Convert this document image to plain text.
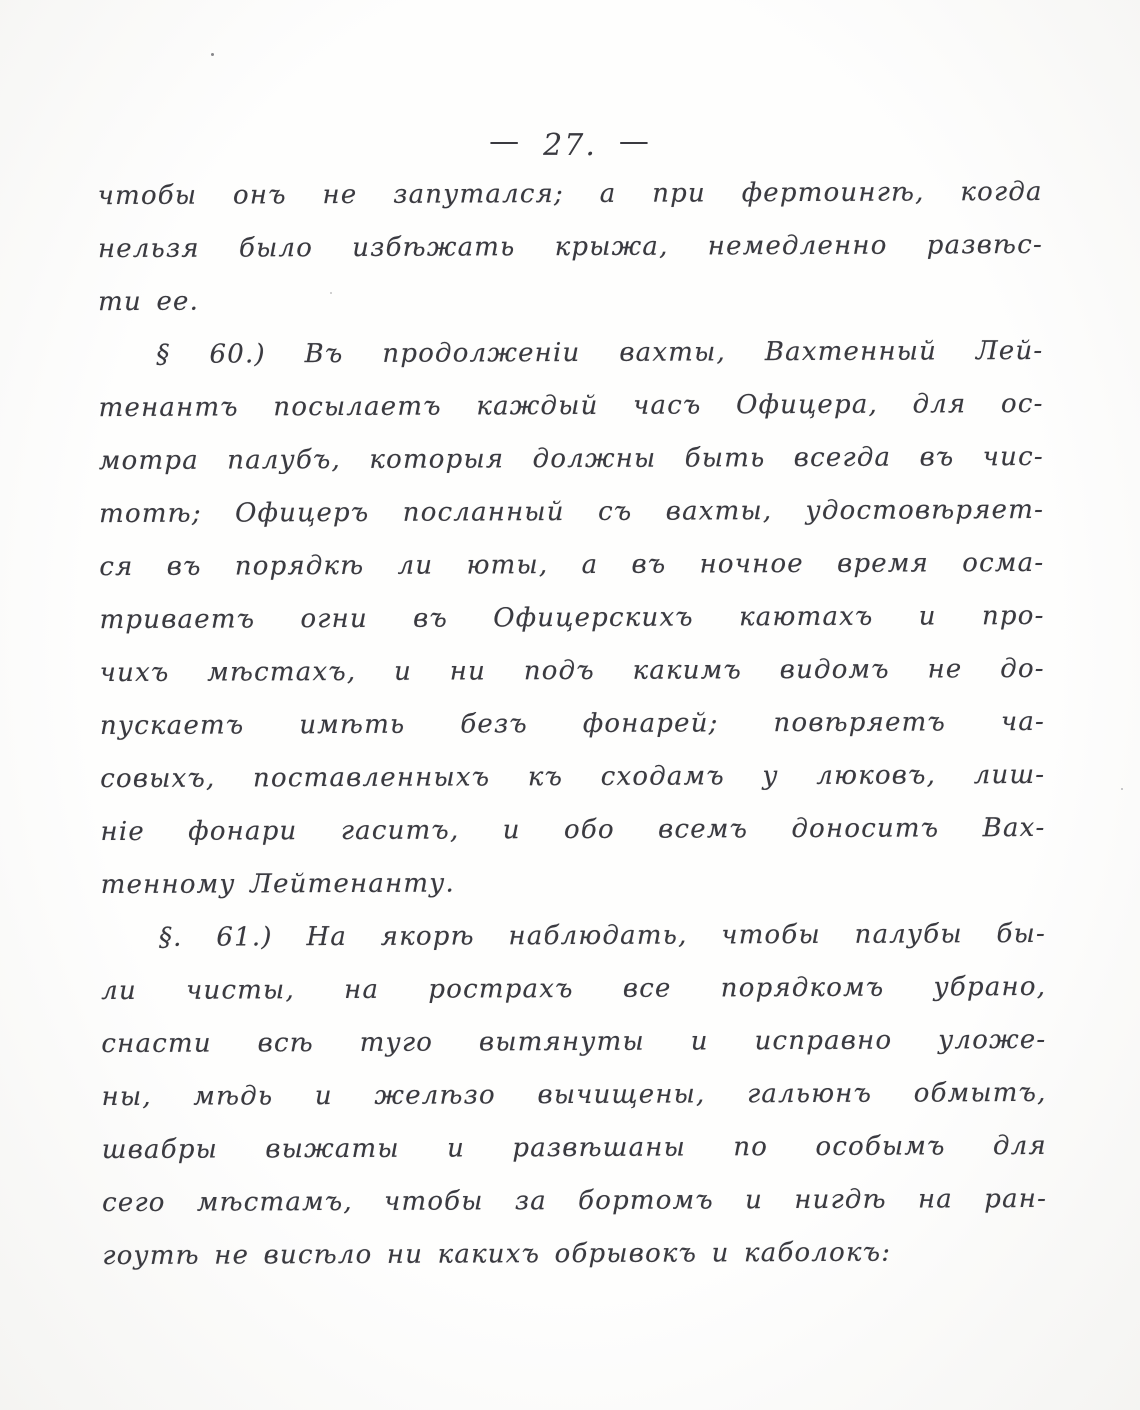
— 27. —
чтобы онъ не запутался; а при фертоингѣ, когда
нельзя было избѣжать крыжа, немедленно развѣс-
ти ее.
§ 60.) Въ продолженіи вахты, Вахтенный Лей-
тенантъ посылаетъ каждый часъ Офицера, для ос-
мотра палубъ, которыя должны быть всегда въ чис-
тотѣ; Офицеръ посланный съ вахты, удостовѣряет-
ся въ порядкѣ ли юты, а въ ночное время осма-
триваетъ огни въ Офицерскихъ каютахъ и про-
чихъ мѣстахъ, и ни подъ какимъ видомъ не до-
пускаетъ имѣть безъ фонарей; повѣряетъ ча-
совыхъ, поставленныхъ къ сходамъ у люковъ, лиш-
ніе фонари гаситъ, и обо всемъ доноситъ Вах-
тенному Лейтенанту.
§. 61.) На якорѣ наблюдать, чтобы палубы бы-
ли чисты, на рострахъ все порядкомъ убрано,
снасти всѣ туго вытянуты и исправно уложе-
ны, мѣдь и желѣзо вычищены, гальюнъ обмытъ,
швабры выжаты и развѣшаны по особымъ для
сего мѣстамъ, чтобы за бортомъ и нигдѣ на ран-
гоутѣ не висѣло ни какихъ обрывокъ и каболокъ:
